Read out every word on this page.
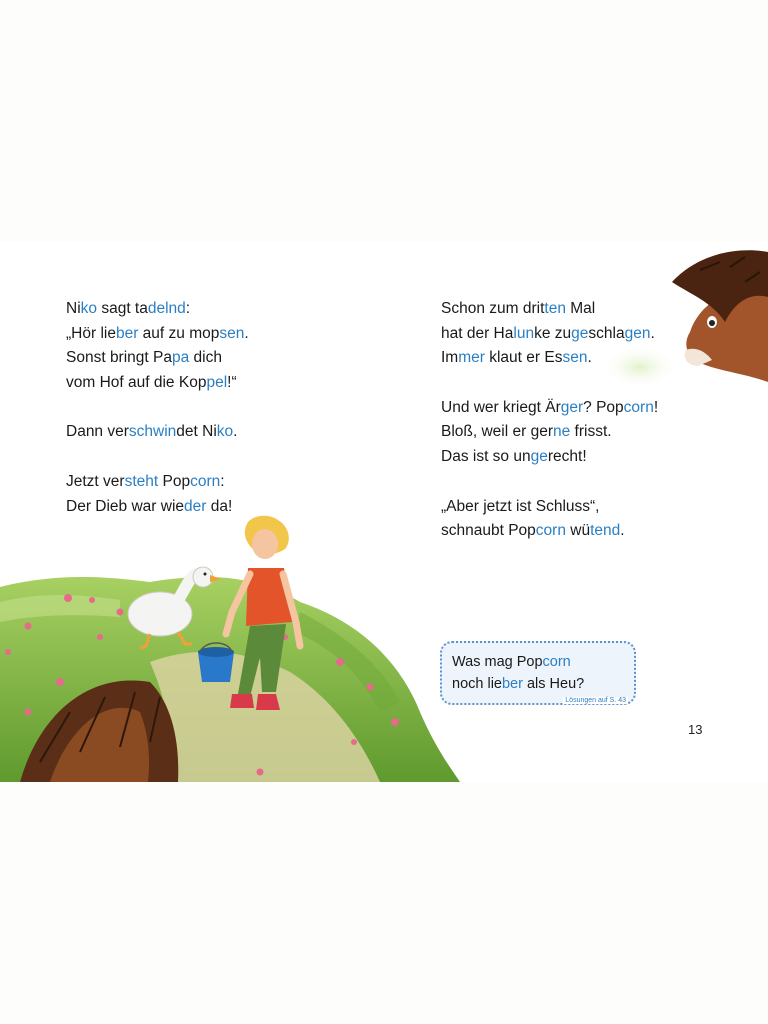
Niko sagt tadelnd:
„Hör lieber auf zu mopsen.
Sonst bringt Papa dich
vom Hof auf die Koppel!“
Dann verschwindet Niko.
Jetzt versteht Popcorn:
Der Dieb war wieder da!
Schon zum dritten Mal
hat der Halunke zugeschlagen.
Immer klaut er Essen.
Und wer kriegt Ärger? Popcorn!
Bloß, weil er gerne frisst.
Das ist so ungerecht!
„Aber jetzt ist Schluss“,
schnaubt Popcorn wütend.
Was mag Popcorn
noch lieber als Heu?
Lösungen auf S. 43
13
